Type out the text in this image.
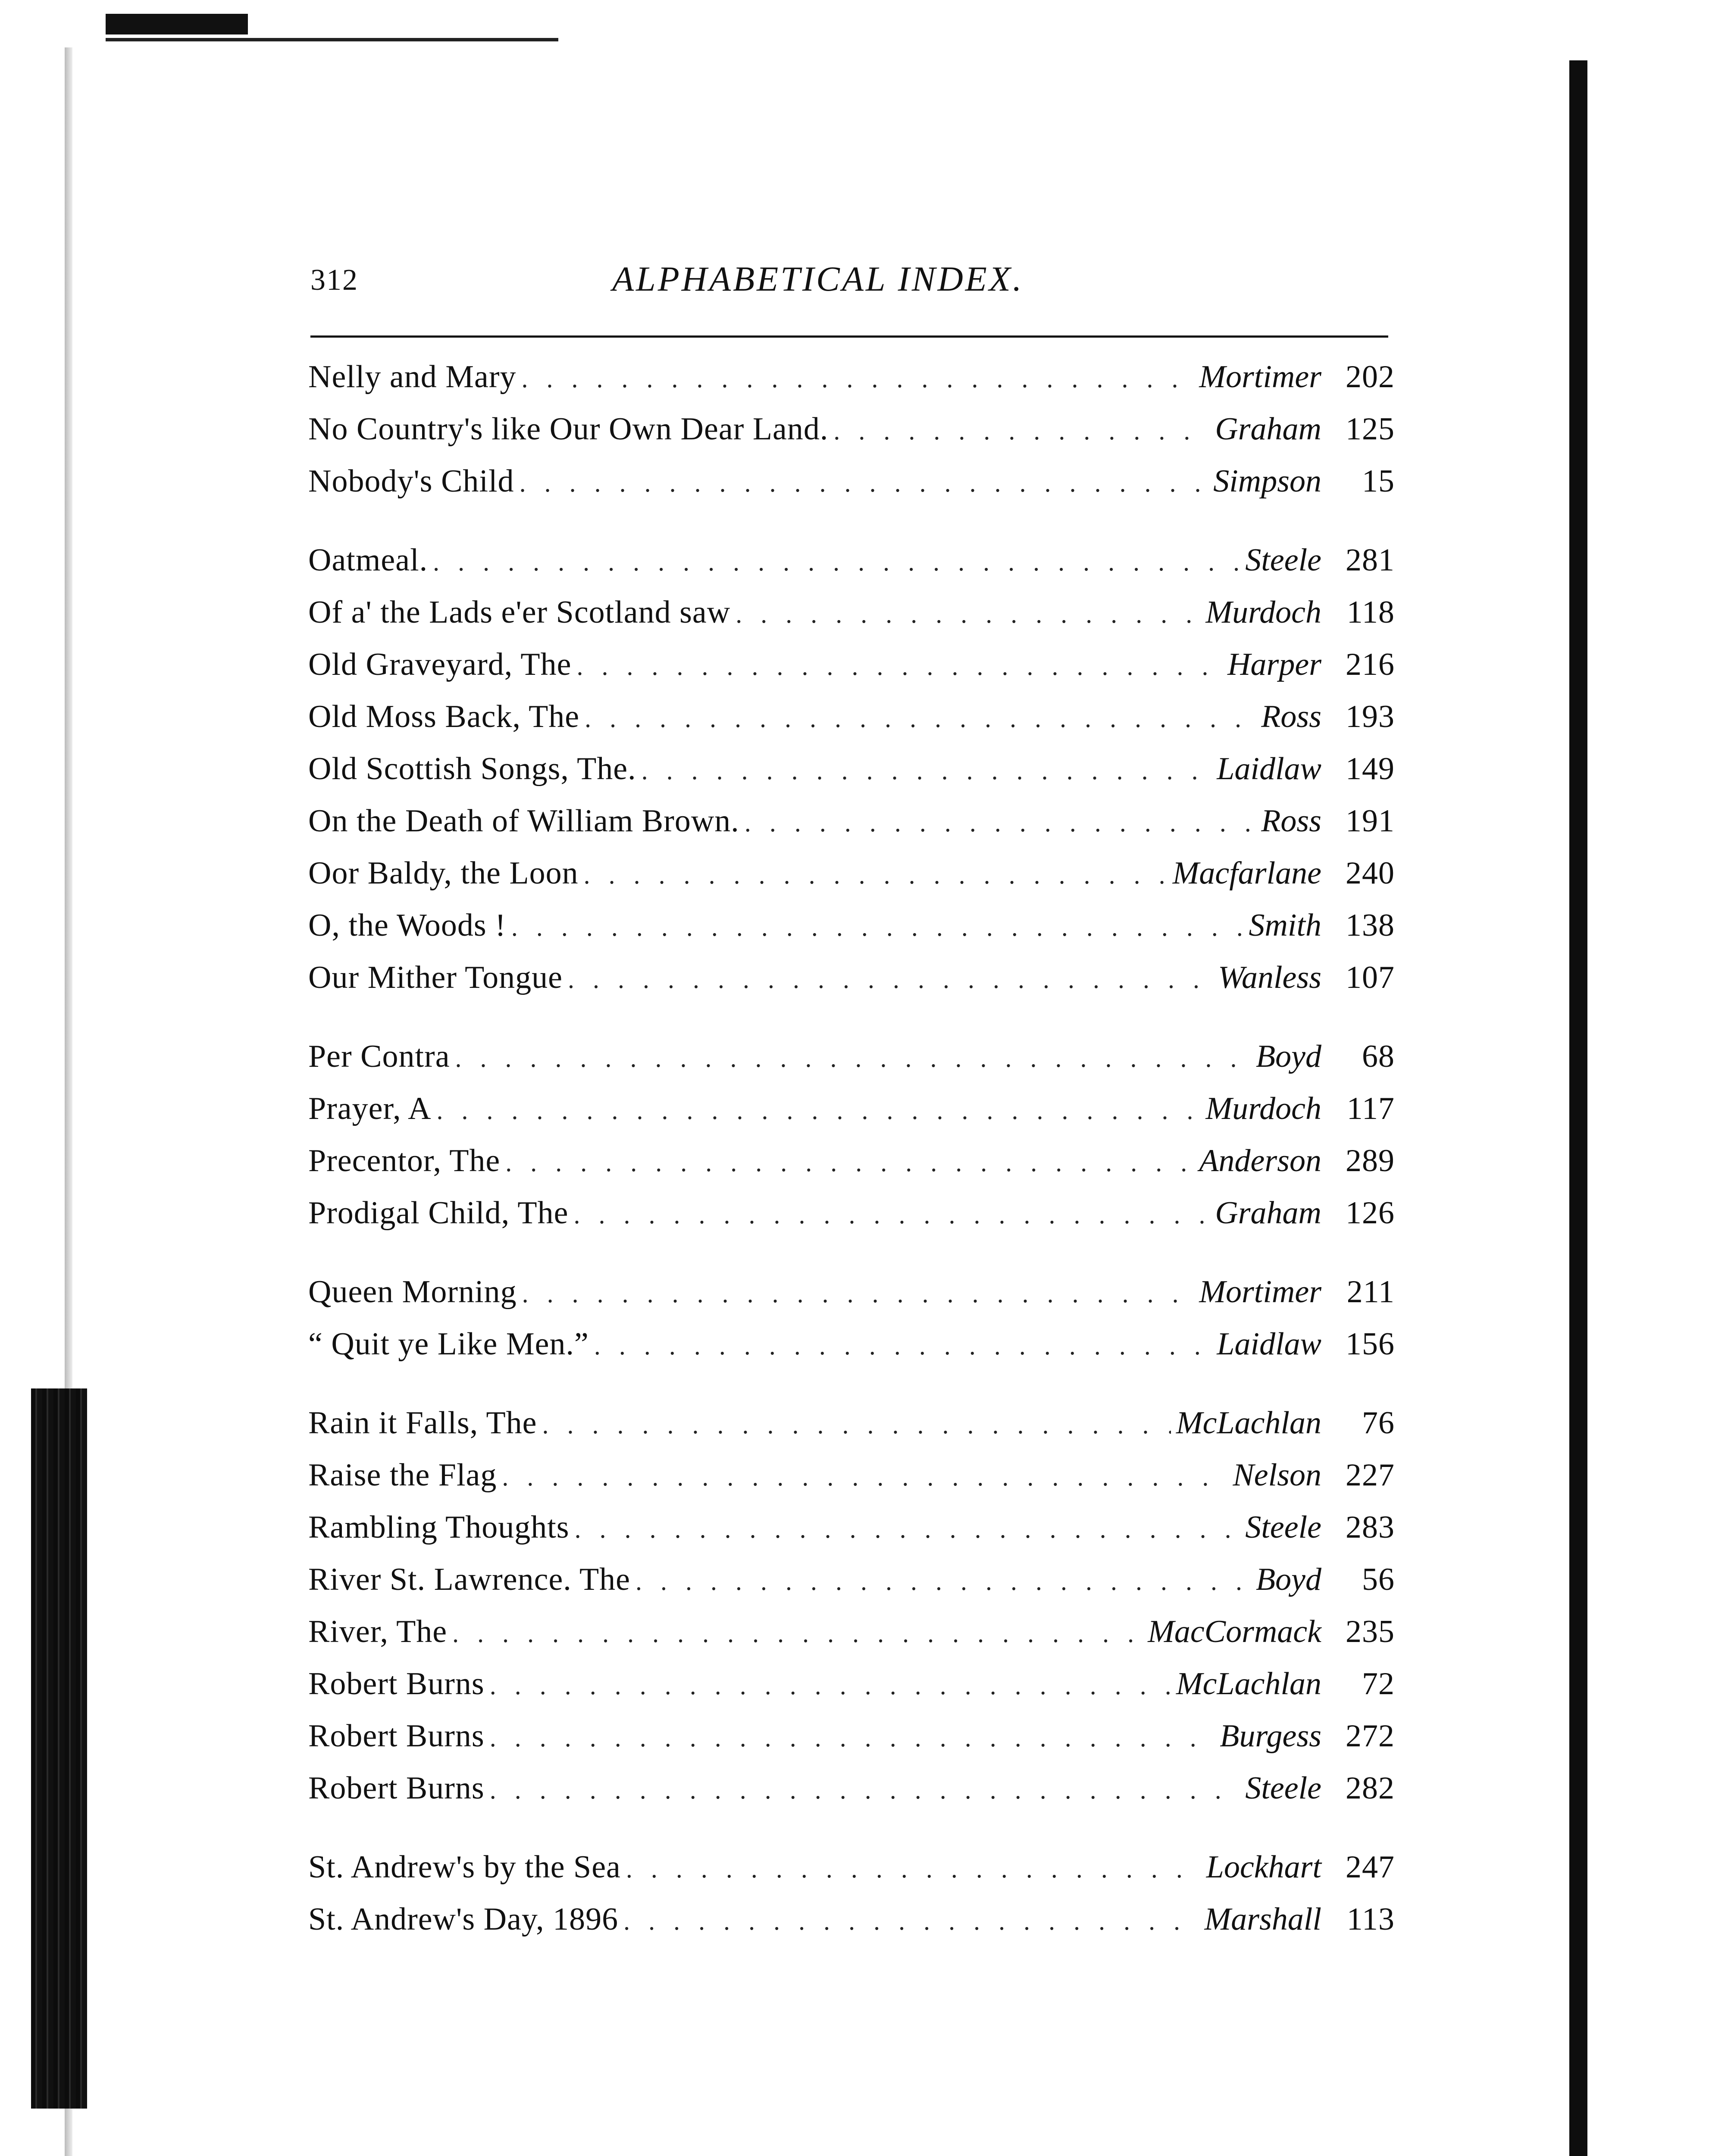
312	ALPHABETICAL INDEX.
Nelly and Mary . . .	Mortimer 202
No Country's like Our Own Dear Land. . . .	Graham 125
Nobody's Child . . .	Simpson	15
Oatmeal. . . .	Steele 281
Of a' the Lads e'er Scotland saw . . .	Murdoch 118
Old Graveyard, The . . .	Harper 216
Old Moss Back, The . . .	Ross 193
Old Scottish Songs, The. . . .	Laidlaw 149
On the Death of William Brown. . . .	Ross 191
Oor Baldy, the Loon . . .	Macfarlane 240
O, the Woods ! . . .	Smith 138
Our Mither Tongue . . .	Wanless 107
Per Contra . . .	Boyd	68
Prayer, A . . .	Murdoch 117
Precentor, The . . .	Anderson 289
Prodigal Child, The . . .	Graham 126
Queen Morning . . .	Mortimer 211
“ Quit ye Like Men.” . . .	Laidlaw 156
Rain it Falls, The . . .	McLachlan	76
Raise the Flag . . .	Nelson 227
Rambling Thoughts . . .	Steele 283
River St. Lawrence. The . . .	Boyd	56
River, The . . .	MacCormack 235
Robert Burns . . .	McLachlan	72
Robert Burns . . .	Burgess 272
Robert Burns . . .	Steele 282
St. Andrew's by the Sea . . .	Lockhart 247
St. Andrew's Day, 1896 . . .	Marshall 113
